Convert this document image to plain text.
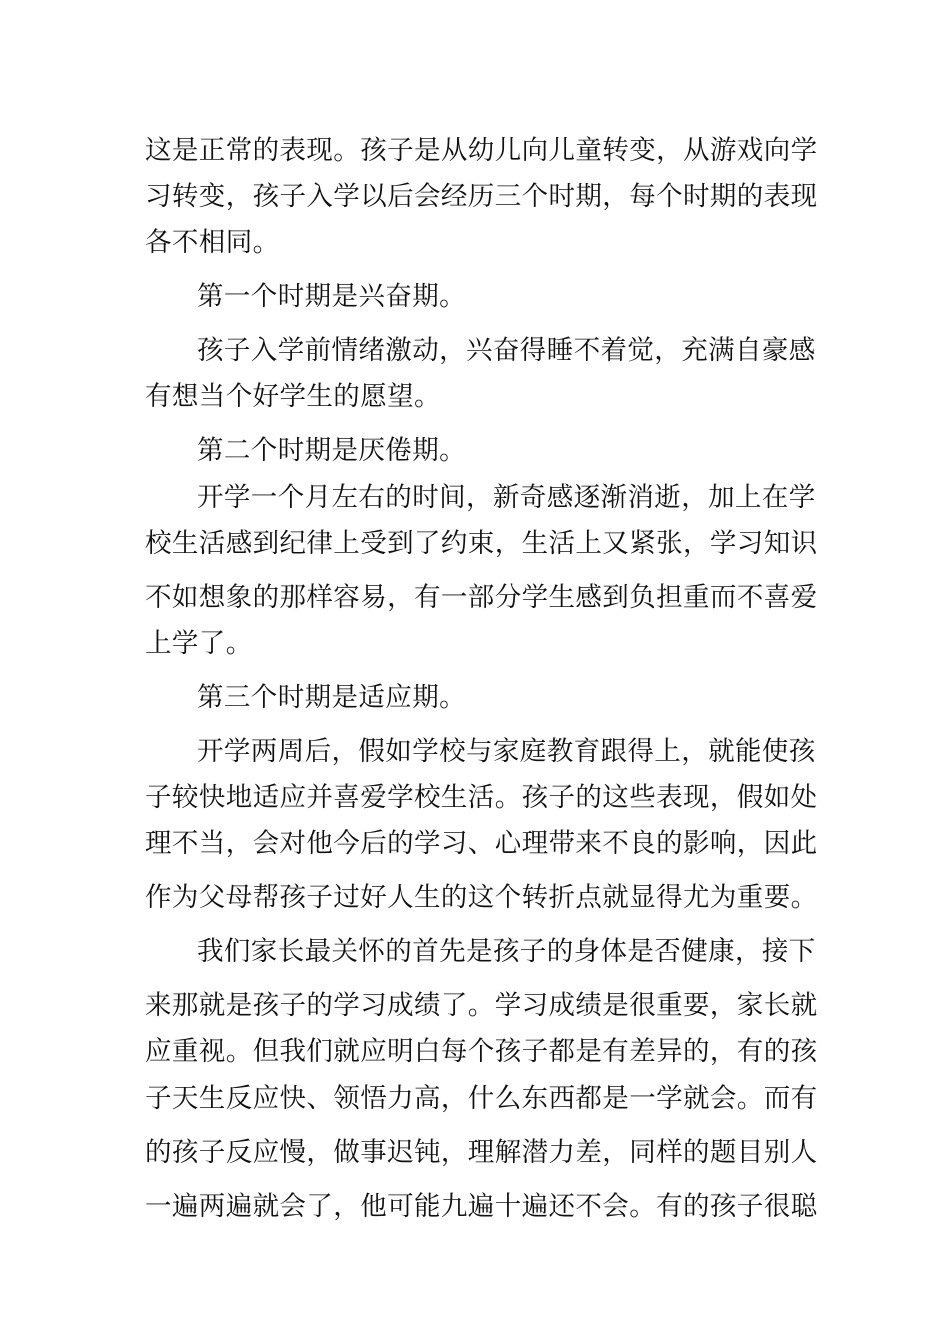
这是正常的表现。孩子是从幼儿向儿童转变，从游戏向学
习转变，孩子入学以后会经历三个时期，每个时期的表现
各不相同。
第一个时期是兴奋期。
孩子入学前情绪激动，兴奋得睡不着觉，充满自豪感
有想当个好学生的愿望。
第二个时期是厌倦期。
开学一个月左右的时间，新奇感逐渐消逝，加上在学
校生活感到纪律上受到了约束，生活上又紧张，学习知识
不如想象的那样容易，有一部分学生感到负担重而不喜爱
上学了。
第三个时期是适应期。
开学两周后，假如学校与家庭教育跟得上，就能使孩
子较快地适应并喜爱学校生活。孩子的这些表现，假如处
理不当，会对他今后的学习、心理带来不良的影响，因此
作为父母帮孩子过好人生的这个转折点就显得尤为重要。
我们家长最关怀的首先是孩子的身体是否健康，接下
来那就是孩子的学习成绩了。学习成绩是很重要，家长就
应重视。但我们就应明白每个孩子都是有差异的，有的孩
子天生反应快、领悟力高，什么东西都是一学就会。而有
的孩子反应慢，做事迟钝，理解潜力差，同样的题目别人
一遍两遍就会了，他可能九遍十遍还不会。有的孩子很聪
